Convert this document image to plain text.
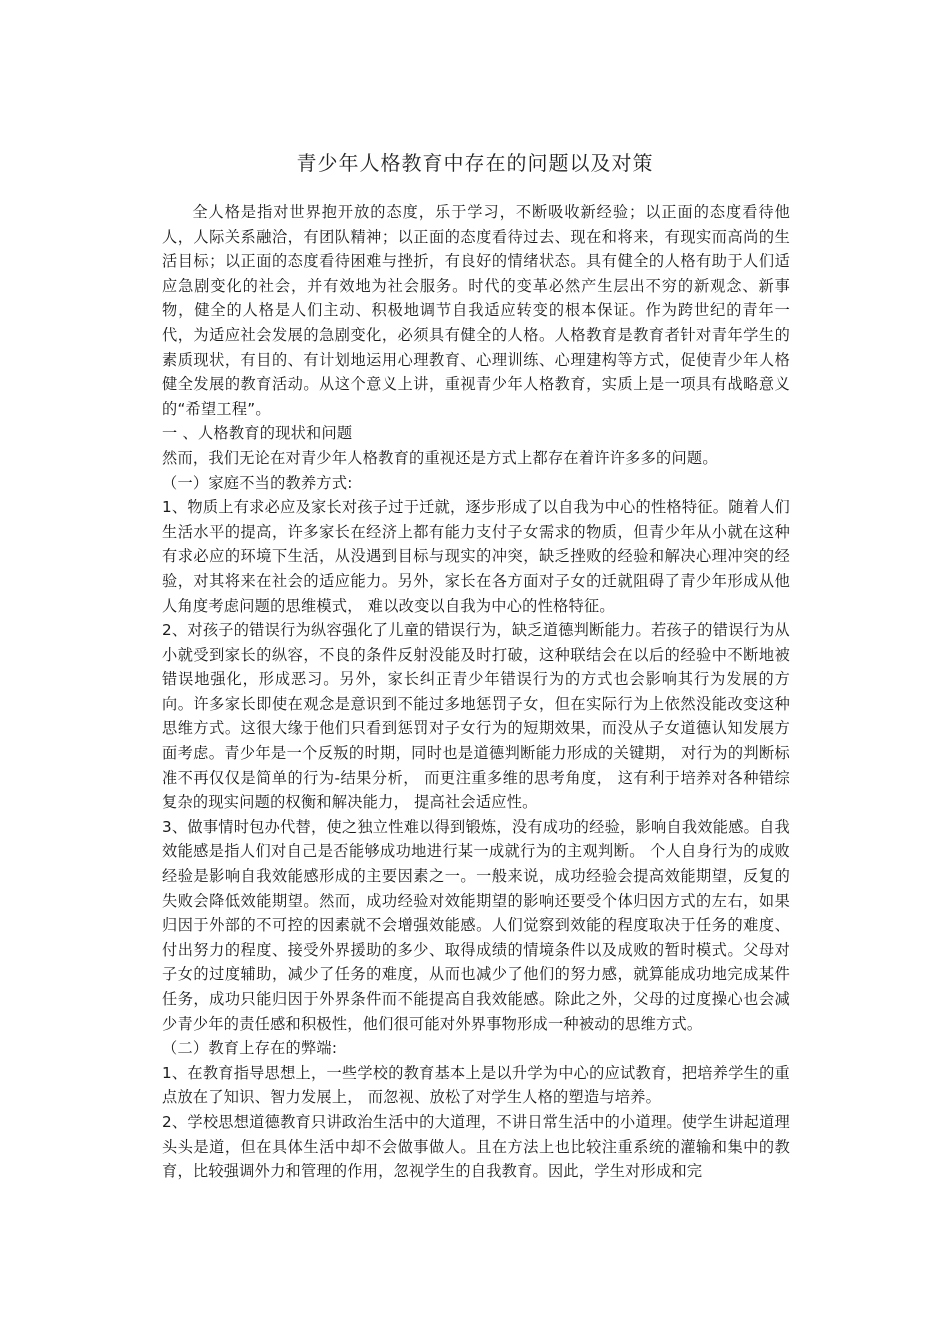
青少年人格教育中存在的问题以及对策

全人格是指对世界抱开放的态度，乐于学习，不断吸收新经验；以正面的态度看待他人，人际关系融洽，有团队精神；以正面的态度看待过去、现在和将来，有现实而高尚的生活目标；以正面的态度看待困难与挫折，有良好的情绪状态。具有健全的人格有助于人们适应急剧变化的社会，并有效地为社会服务。时代的变革必然产生层出不穷的新观念、新事物，健全的人格是人们主动、积极地调节自我适应转变的根本保证。作为跨世纪的青年一代，为适应社会发展的急剧变化，必须具有健全的人格。人格教育是教育者针对青年学生的素质现状，有目的、有计划地运用心理教育、心理训练、心理建构等方式，促使青少年人格健全发展的教育活动。从这个意义上讲，重视青少年人格教育，实质上是一项具有战略意义的“希望工程”。

一 、人格教育的现状和问题

然而，我们无论在对青少年人格教育的重视还是方式上都存在着许许多多的问题。

（一）家庭不当的教养方式:

1、物质上有求必应及家长对孩子过于迁就，逐步形成了以自我为中心的性格特征。随着人们生活水平的提高，许多家长在经济上都有能力支付子女需求的物质，但青少年从小就在这种有求必应的环境下生活，从没遇到目标与现实的冲突，缺乏挫败的经验和解决心理冲突的经验，对其将来在社会的适应能力。另外，家长在各方面对子女的迁就阻碍了青少年形成从他人角度考虑问题的思维模式， 难以改变以自我为中心的性格特征。

2、对孩子的错误行为纵容强化了儿童的错误行为，缺乏道德判断能力。若孩子的错误行为从小就受到家长的纵容，不良的条件反射没能及时打破，这种联结会在以后的经验中不断地被错误地强化，形成恶习。另外，家长纠正青少年错误行为的方式也会影响其行为发展的方向。许多家长即使在观念是意识到不能过多地惩罚子女，但在实际行为上依然没能改变这种思维方式。这很大缘于他们只看到惩罚对子女行为的短期效果，而没从子女道德认知发展方面考虑。青少年是一个反叛的时期，同时也是道德判断能力形成的关键期， 对行为的判断标准不再仅仅是简单的行为-结果分析， 而更注重多维的思考角度， 这有利于培养对各种错综复杂的现实问题的权衡和解决能力， 提高社会适应性。

3、做事情时包办代替，使之独立性难以得到锻炼，没有成功的经验，影响自我效能感。自我效能感是指人们对自己是否能够成功地进行某一成就行为的主观判断。 个人自身行为的成败经验是影响自我效能感形成的主要因素之一。一般来说，成功经验会提高效能期望，反复的失败会降低效能期望。然而，成功经验对效能期望的影响还要受个体归因方式的左右，如果归因于外部的不可控的因素就不会增强效能感。人们觉察到效能的程度取决于任务的难度、付出努力的程度、接受外界援助的多少、取得成绩的情境条件以及成败的暂时模式。父母对子女的过度辅助，减少了任务的难度，从而也减少了他们的努力感，就算能成功地完成某件任务，成功只能归因于外界条件而不能提高自我效能感。除此之外，父母的过度操心也会减少青少年的责任感和积极性，他们很可能对外界事物形成一种被动的思维方式。

（二）教育上存在的弊端:

1、在教育指导思想上，一些学校的教育基本上是以升学为中心的应试教育，把培养学生的重点放在了知识、智力发展上， 而忽视、放松了对学生人格的塑造与培养。

2、学校思想道德教育只讲政治生活中的大道理，不讲日常生活中的小道理。使学生讲起道理头头是道，但在具体生活中却不会做事做人。且在方法上也比较注重系统的灌输和集中的教育，比较强调外力和管理的作用，忽视学生的自我教育。因此，学生对形成和完
